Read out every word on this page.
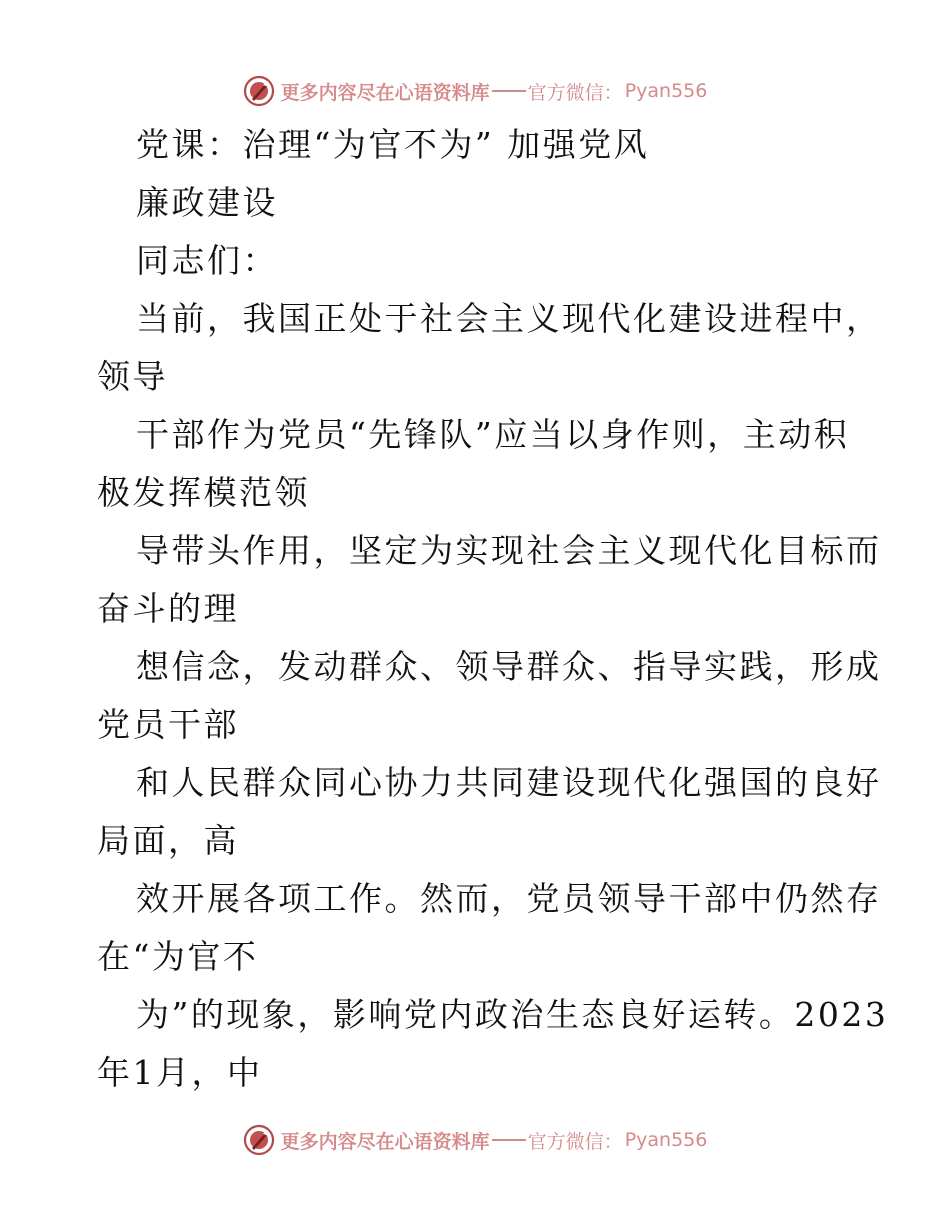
更多内容尽在心语资料库 官方微信： Pyan556
党课：治理“为官不为” 加强党风
廉政建设
同志们：
当前，我国正处于社会主义现代化建设进程中，
领导
干部作为党员“先锋队”应当以身作则，主动积
极发挥模范领
导带头作用，坚定为实现社会主义现代化目标而
奋斗的理
想信念，发动群众、领导群众、指导实践，形成
党员干部
和人民群众同心协力共同建设现代化强国的良好
局面，高
效开展各项工作。然而，党员领导干部中仍然存
在“为官不
为”的现象，影响党内政治生态良好运转。2023
年1月，中
更多内容尽在心语资料库 官方微信： Pyan556
